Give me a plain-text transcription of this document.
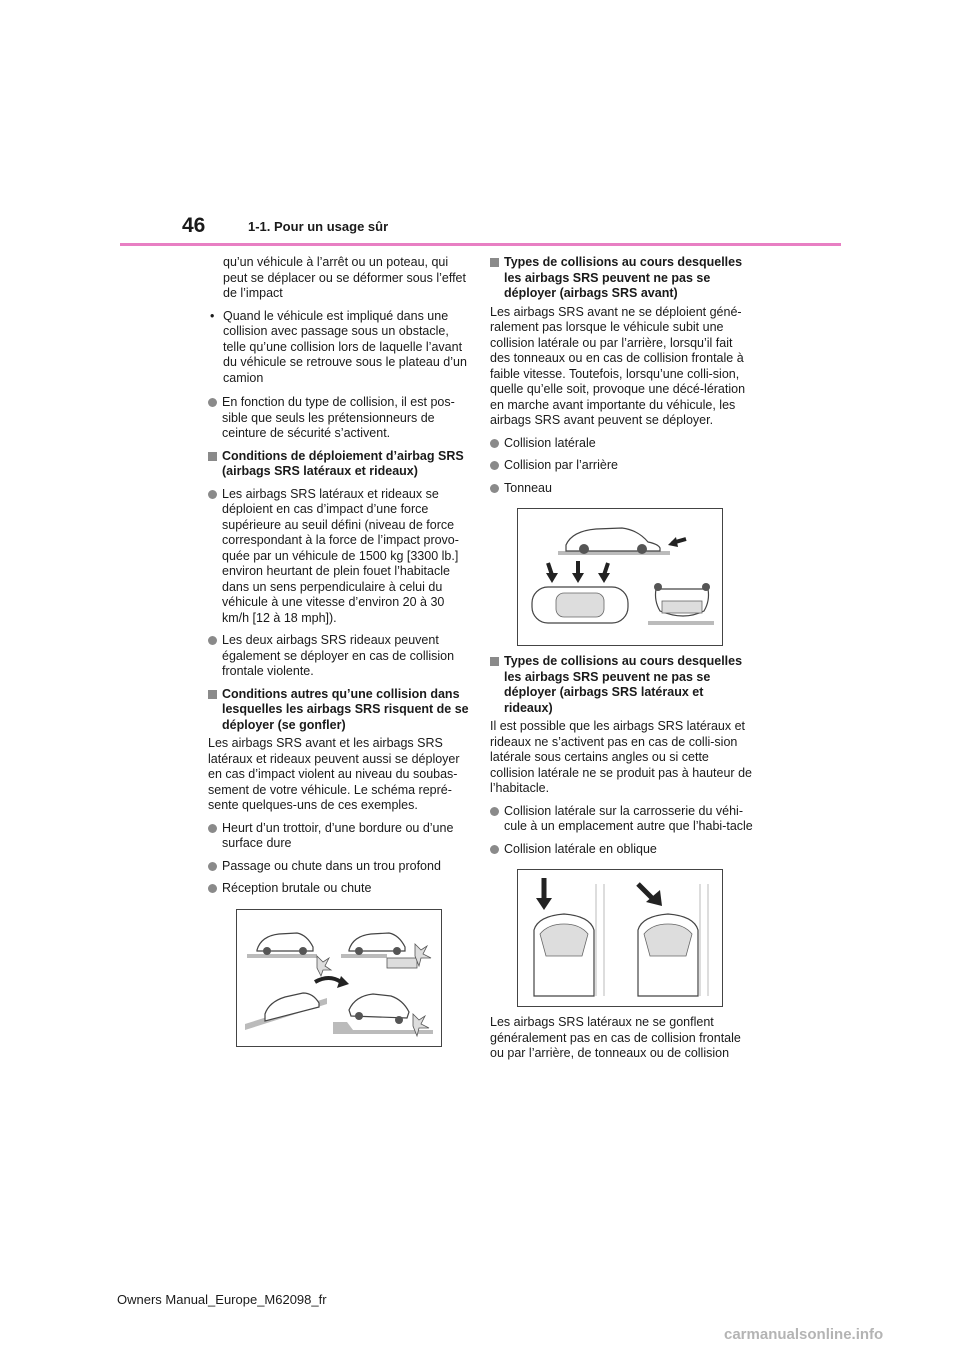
46	1-1. Pour un usage sûr

qu’un véhicule à l’arrêt ou un poteau, qui peut se déplacer ou se déformer sous l’effet de l’impact

• Quand le véhicule est impliqué dans une collision avec passage sous un obstacle, telle qu’une collision lors de laquelle l’avant du véhicule se retrouve sous le plateau d’un camion

En fonction du type de collision, il est pos-sible que seuls les prétensionneurs de ceinture de sécurité s’activent.
Conditions de déploiement d’airbag SRS (airbags SRS latéraux et rideaux)
Les airbags SRS latéraux et rideaux se déploient en cas d’impact d’une force supérieure au seuil défini (niveau de force correspondant à la force de l’impact provo-quée par un véhicule de 1500 kg [3300 lb.] environ heurtant de plein fouet l’habitacle dans un sens perpendiculaire à celui du véhicule à une vitesse d’environ 20 à 30 km/h [12 à 18 mph]).
Les deux airbags SRS rideaux peuvent également se déployer en cas de collision frontale violente.
Conditions autres qu’une collision dans lesquelles les airbags SRS risquent de se déployer (se gonfler)

Les airbags SRS avant et les airbags SRS latéraux et rideaux peuvent aussi se déployer en cas d’impact violent au niveau du soubas-sement de votre véhicule. Le schéma repré-sente quelques-uns de ces exemples.

Heurt d’un trottoir, d’une bordure ou d’une surface dure
Passage ou chute dans un trou profond
Réception brutale ou chute
Types de collisions au cours desquelles les airbags SRS peuvent ne pas se déployer (airbags SRS avant)

Les airbags SRS avant ne se déploient géné-ralement pas lorsque le véhicule subit une collision latérale ou par l’arrière, lorsqu’il fait des tonneaux ou en cas de collision frontale à faible vitesse. Toutefois, lorsqu’une colli-sion, quelle qu’elle soit, provoque une décé-lération en marche avant importante du véhicule, les airbags SRS avant peuvent se déployer.

Collision latérale
Collision par l’arrière
Tonneau
Types de collisions au cours desquelles les airbags SRS peuvent ne pas se déployer (airbags SRS latéraux et rideaux)

Il est possible que les airbags SRS latéraux et rideaux ne s’activent pas en cas de colli-sion latérale sous certains angles ou si cette collision latérale ne se produit pas à hauteur de l’habitacle.

Collision latérale sur la carrosserie du véhi-cule à un emplacement autre que l’habi-tacle
Collision latérale en oblique

Les airbags SRS latéraux ne se gonflent généralement pas en cas de collision frontale ou par l’arrière, de tonneaux ou de collision

Owners Manual_Europe_M62098_fr
carmanualsonline.info
